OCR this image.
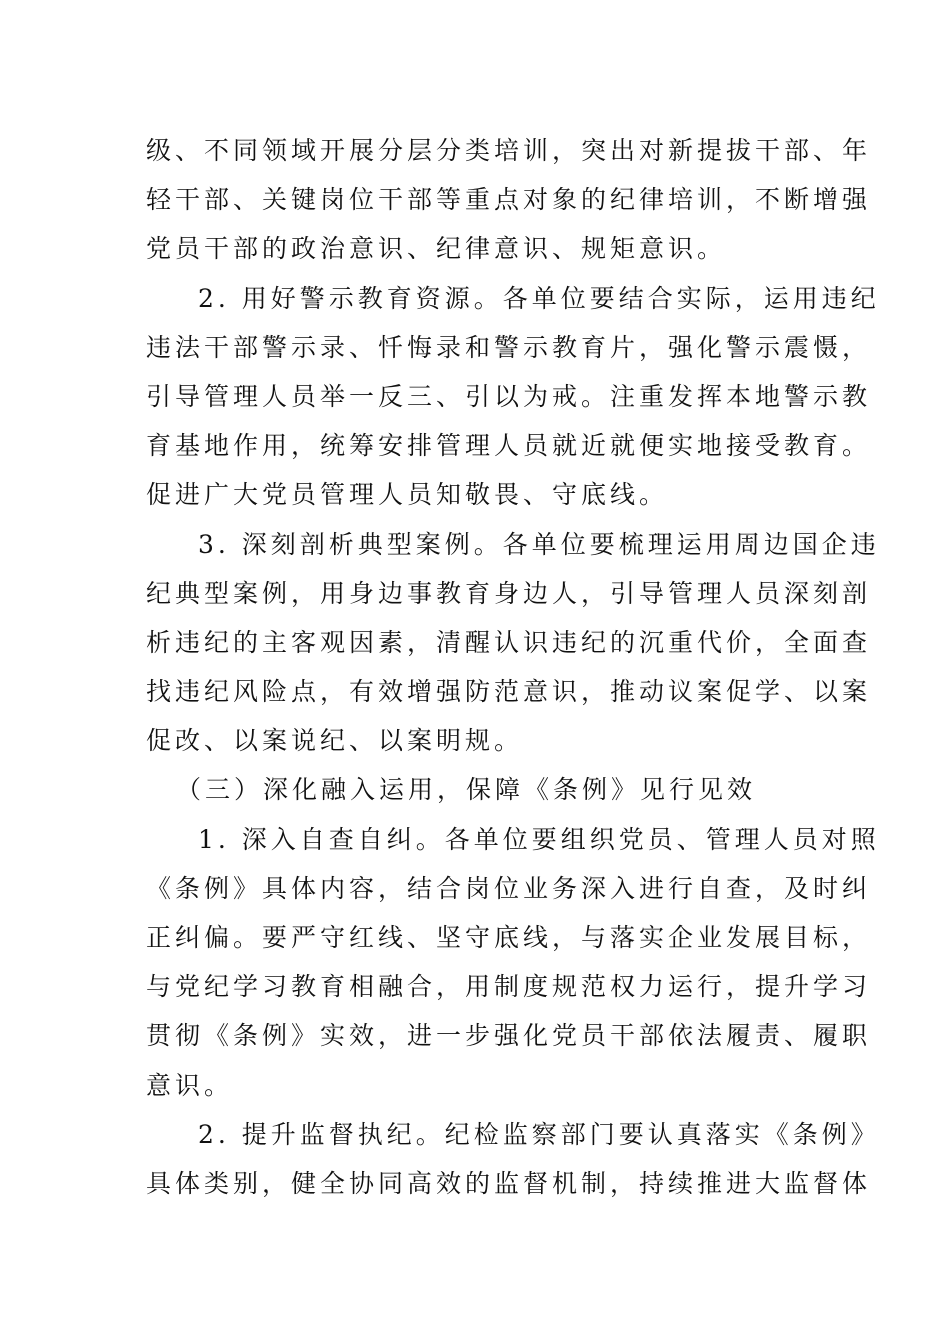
级、不同领域开展分层分类培训，突出对新提拔干部、年
轻干部、关键岗位干部等重点对象的纪律培训，不断增强
党员干部的政治意识、纪律意识、规矩意识。
2. 用好警示教育资源。各单位要结合实际，运用违纪
违法干部警示录、忏悔录和警示教育片，强化警示震慑，
引导管理人员举一反三、引以为戒。注重发挥本地警示教
育基地作用，统筹安排管理人员就近就便实地接受教育。
促进广大党员管理人员知敬畏、守底线。
3. 深刻剖析典型案例。各单位要梳理运用周边国企违
纪典型案例，用身边事教育身边人，引导管理人员深刻剖
析违纪的主客观因素，清醒认识违纪的沉重代价，全面查
找违纪风险点，有效增强防范意识，推动议案促学、以案
促改、以案说纪、以案明规。
（三）深化融入运用，保障《条例》见行见效
1. 深入自查自纠。各单位要组织党员、管理人员对照
《条例》具体内容，结合岗位业务深入进行自查，及时纠
正纠偏。要严守红线、坚守底线，与落实企业发展目标，
与党纪学习教育相融合，用制度规范权力运行，提升学习
贯彻《条例》实效，进一步强化党员干部依法履责、履职
意识。
2. 提升监督执纪。纪检监察部门要认真落实《条例》
具体类别，健全协同高效的监督机制，持续推进大监督体
